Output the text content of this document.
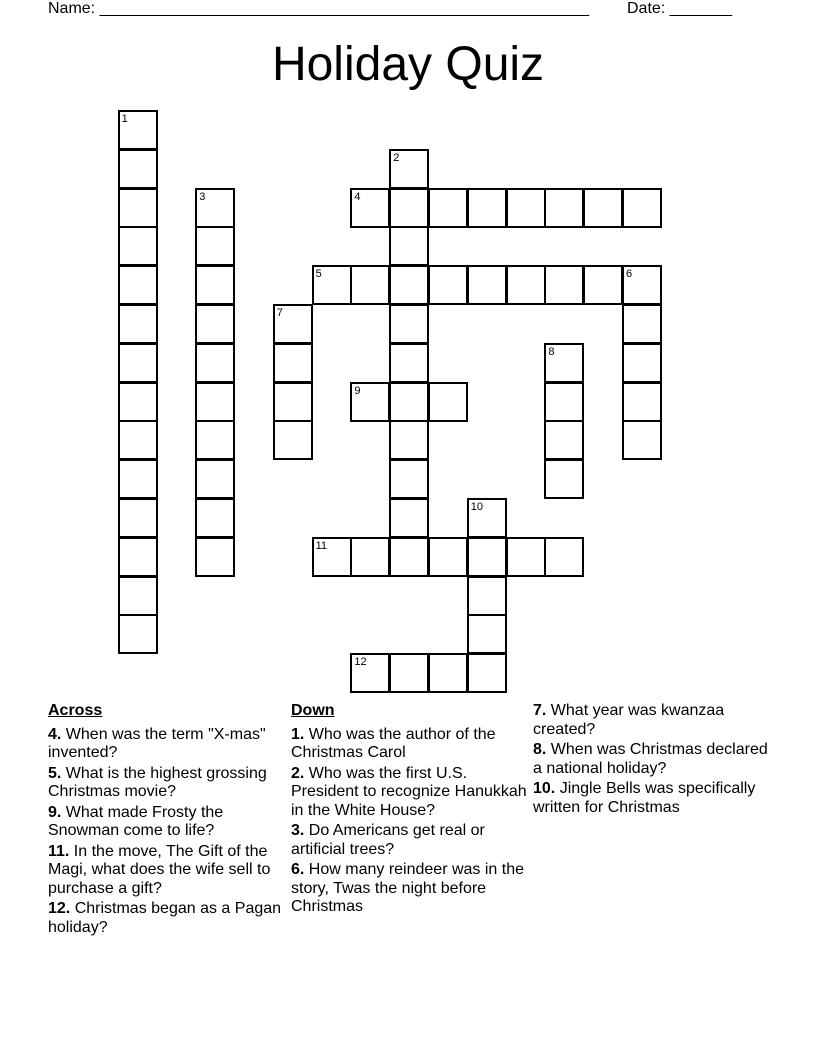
Name: _______________________________________________________ Date: _______
Holiday Quiz
1
2
3	4
5	6
7
8
9
10
11
12
Across
4. When was the term "X-mas" invented?
5. What is the highest grossing Christmas movie?
9. What made Frosty the Snowman come to life?
11. In the move, The Gift of the Magi, what does the wife sell to purchase a gift?
12. Christmas began as a Pagan holiday?
Down
1. Who was the author of the Christmas Carol
2. Who was the first U.S. President to recognize Hanukkah in the White House?
3. Do Americans get real or artificial trees?
6. How many reindeer was in the story, Twas the night before Christmas
7. What year was kwanzaa created?
8. When was Christmas declared a national holiday?
10. Jingle Bells was specifically written for Christmas
